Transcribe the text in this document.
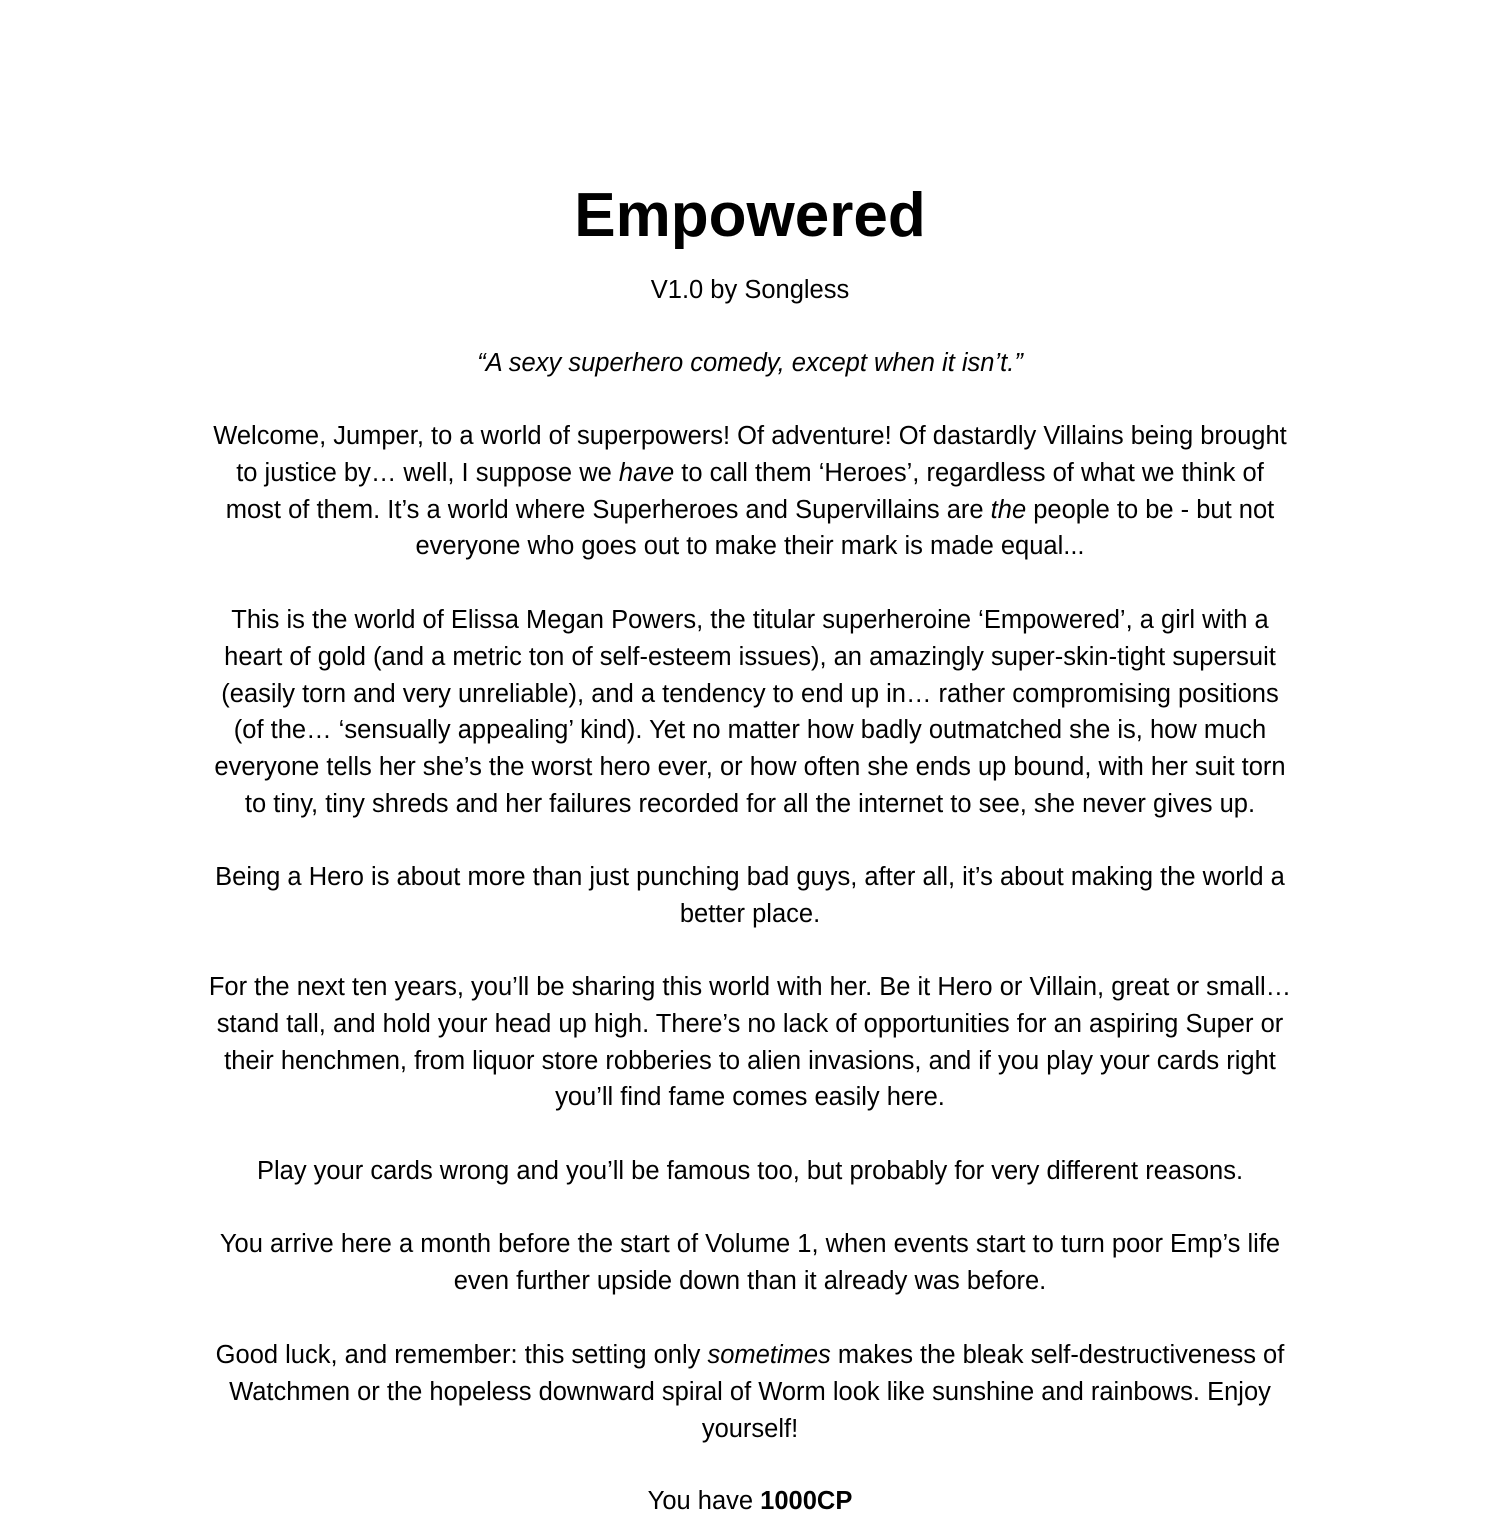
Empowered

V1.0 by Songless

“A sexy superhero comedy, except when it isn’t.”

Welcome, Jumper, to a world of superpowers! Of adventure! Of dastardly Villains being brought
to justice by… well, I suppose we have to call them ‘Heroes’, regardless of what we think of
most of them. It’s a world where Superheroes and Supervillains are the people to be - but not
everyone who goes out to make their mark is made equal...

This is the world of Elissa Megan Powers, the titular superheroine ‘Empowered’, a girl with a
heart of gold (and a metric ton of self-esteem issues), an amazingly super-skin-tight supersuit
(easily torn and very unreliable), and a tendency to end up in… rather compromising positions
(of the… ‘sensually appealing’ kind). Yet no matter how badly outmatched she is, how much
everyone tells her she’s the worst hero ever, or how often she ends up bound, with her suit torn
to tiny, tiny shreds and her failures recorded for all the internet to see, she never gives up.

Being a Hero is about more than just punching bad guys, after all, it’s about making the world a
better place.

For the next ten years, you’ll be sharing this world with her. Be it Hero or Villain, great or small…
stand tall, and hold your head up high. There’s no lack of opportunities for an aspiring Super or
their henchmen, from liquor store robberies to alien invasions, and if you play your cards right
you’ll find fame comes easily here.

Play your cards wrong and you’ll be famous too, but probably for very different reasons.

You arrive here a month before the start of Volume 1, when events start to turn poor Emp’s life
even further upside down than it already was before.

Good luck, and remember: this setting only sometimes makes the bleak self-destructiveness of
Watchmen or the hopeless downward spiral of Worm look like sunshine and rainbows. Enjoy
yourself!

You have 1000CP
